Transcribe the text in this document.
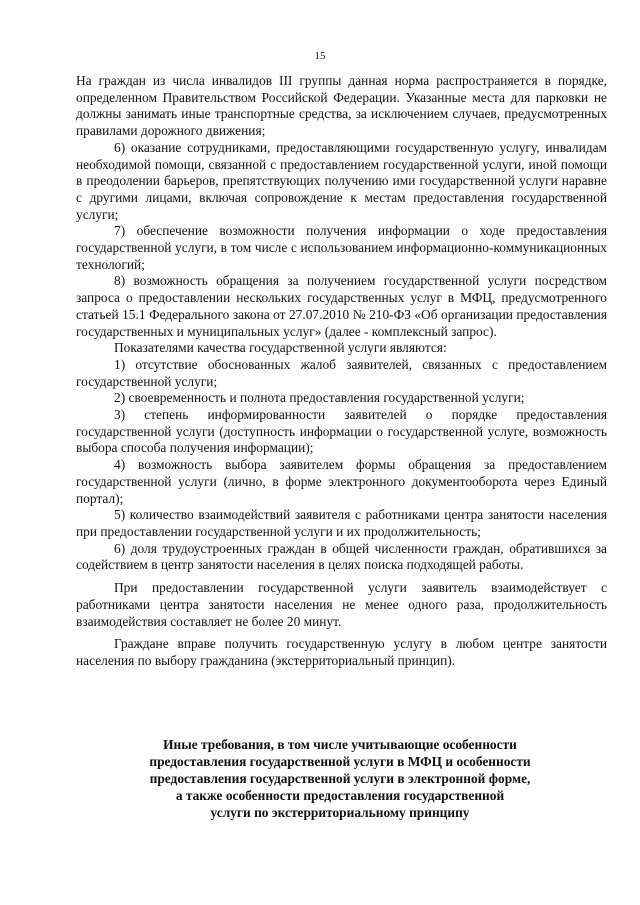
15

На граждан из числа инвалидов III группы данная норма распространяется в порядке, определенном Правительством Российской Федерации. Указанные места для парковки не должны занимать иные транспортные средства, за исключением случаев, предусмотренных правилами дорожного движения;

6) оказание сотрудниками, предоставляющими государственную услугу, инвалидам необходимой помощи, связанной с предоставлением государственной услуги, иной помощи в преодолении барьеров, препятствующих получению ими государственной услуги наравне с другими лицами, включая сопровождение к местам предоставления государственной услуги;

7) обеспечение возможности получения информации о ходе предоставления государственной услуги, в том числе с использованием информационно-коммуникационных технологий;

8) возможность обращения за получением государственной услуги посредством запроса о предоставлении нескольких государственных услуг в МФЦ, предусмотренного статьей 15.1 Федерального закона от 27.07.2010 № 210-ФЗ «Об организации предоставления государственных и муниципальных услуг» (далее - комплексный запрос).

Показателями качества государственной услуги являются:

1) отсутствие обоснованных жалоб заявителей, связанных с предоставлением государственной услуги;

2) своевременность и полнота предоставления государственной услуги;

3) степень информированности заявителей о порядке предоставления государственной услуги (доступность информации о государственной услуге, возможность выбора способа получения информации);

4) возможность выбора заявителем формы обращения за предоставлением государственной услуги (лично, в форме электронного документооборота через Единый портал);

5) количество взаимодействий заявителя с работниками центра занятости населения при предоставлении государственной услуги и их продолжительность;

6) доля трудоустроенных граждан в общей численности граждан, обратившихся за содействием в центр занятости населения в целях поиска подходящей работы.

При предоставлении государственной услуги заявитель взаимодействует с работниками центра занятости населения не менее одного раза, продолжительность взаимодействия составляет не более 20 минут.

Граждане вправе получить государственную услугу в любом центре занятости населения по выбору гражданина (экстерриториальный принцип).

Иные требования, в том числе учитывающие особенности
предоставления государственной услуги в МФЦ и особенности
предоставления государственной услуги в электронной форме,
а также особенности предоставления государственной
услуги по экстерриториальному принципу
